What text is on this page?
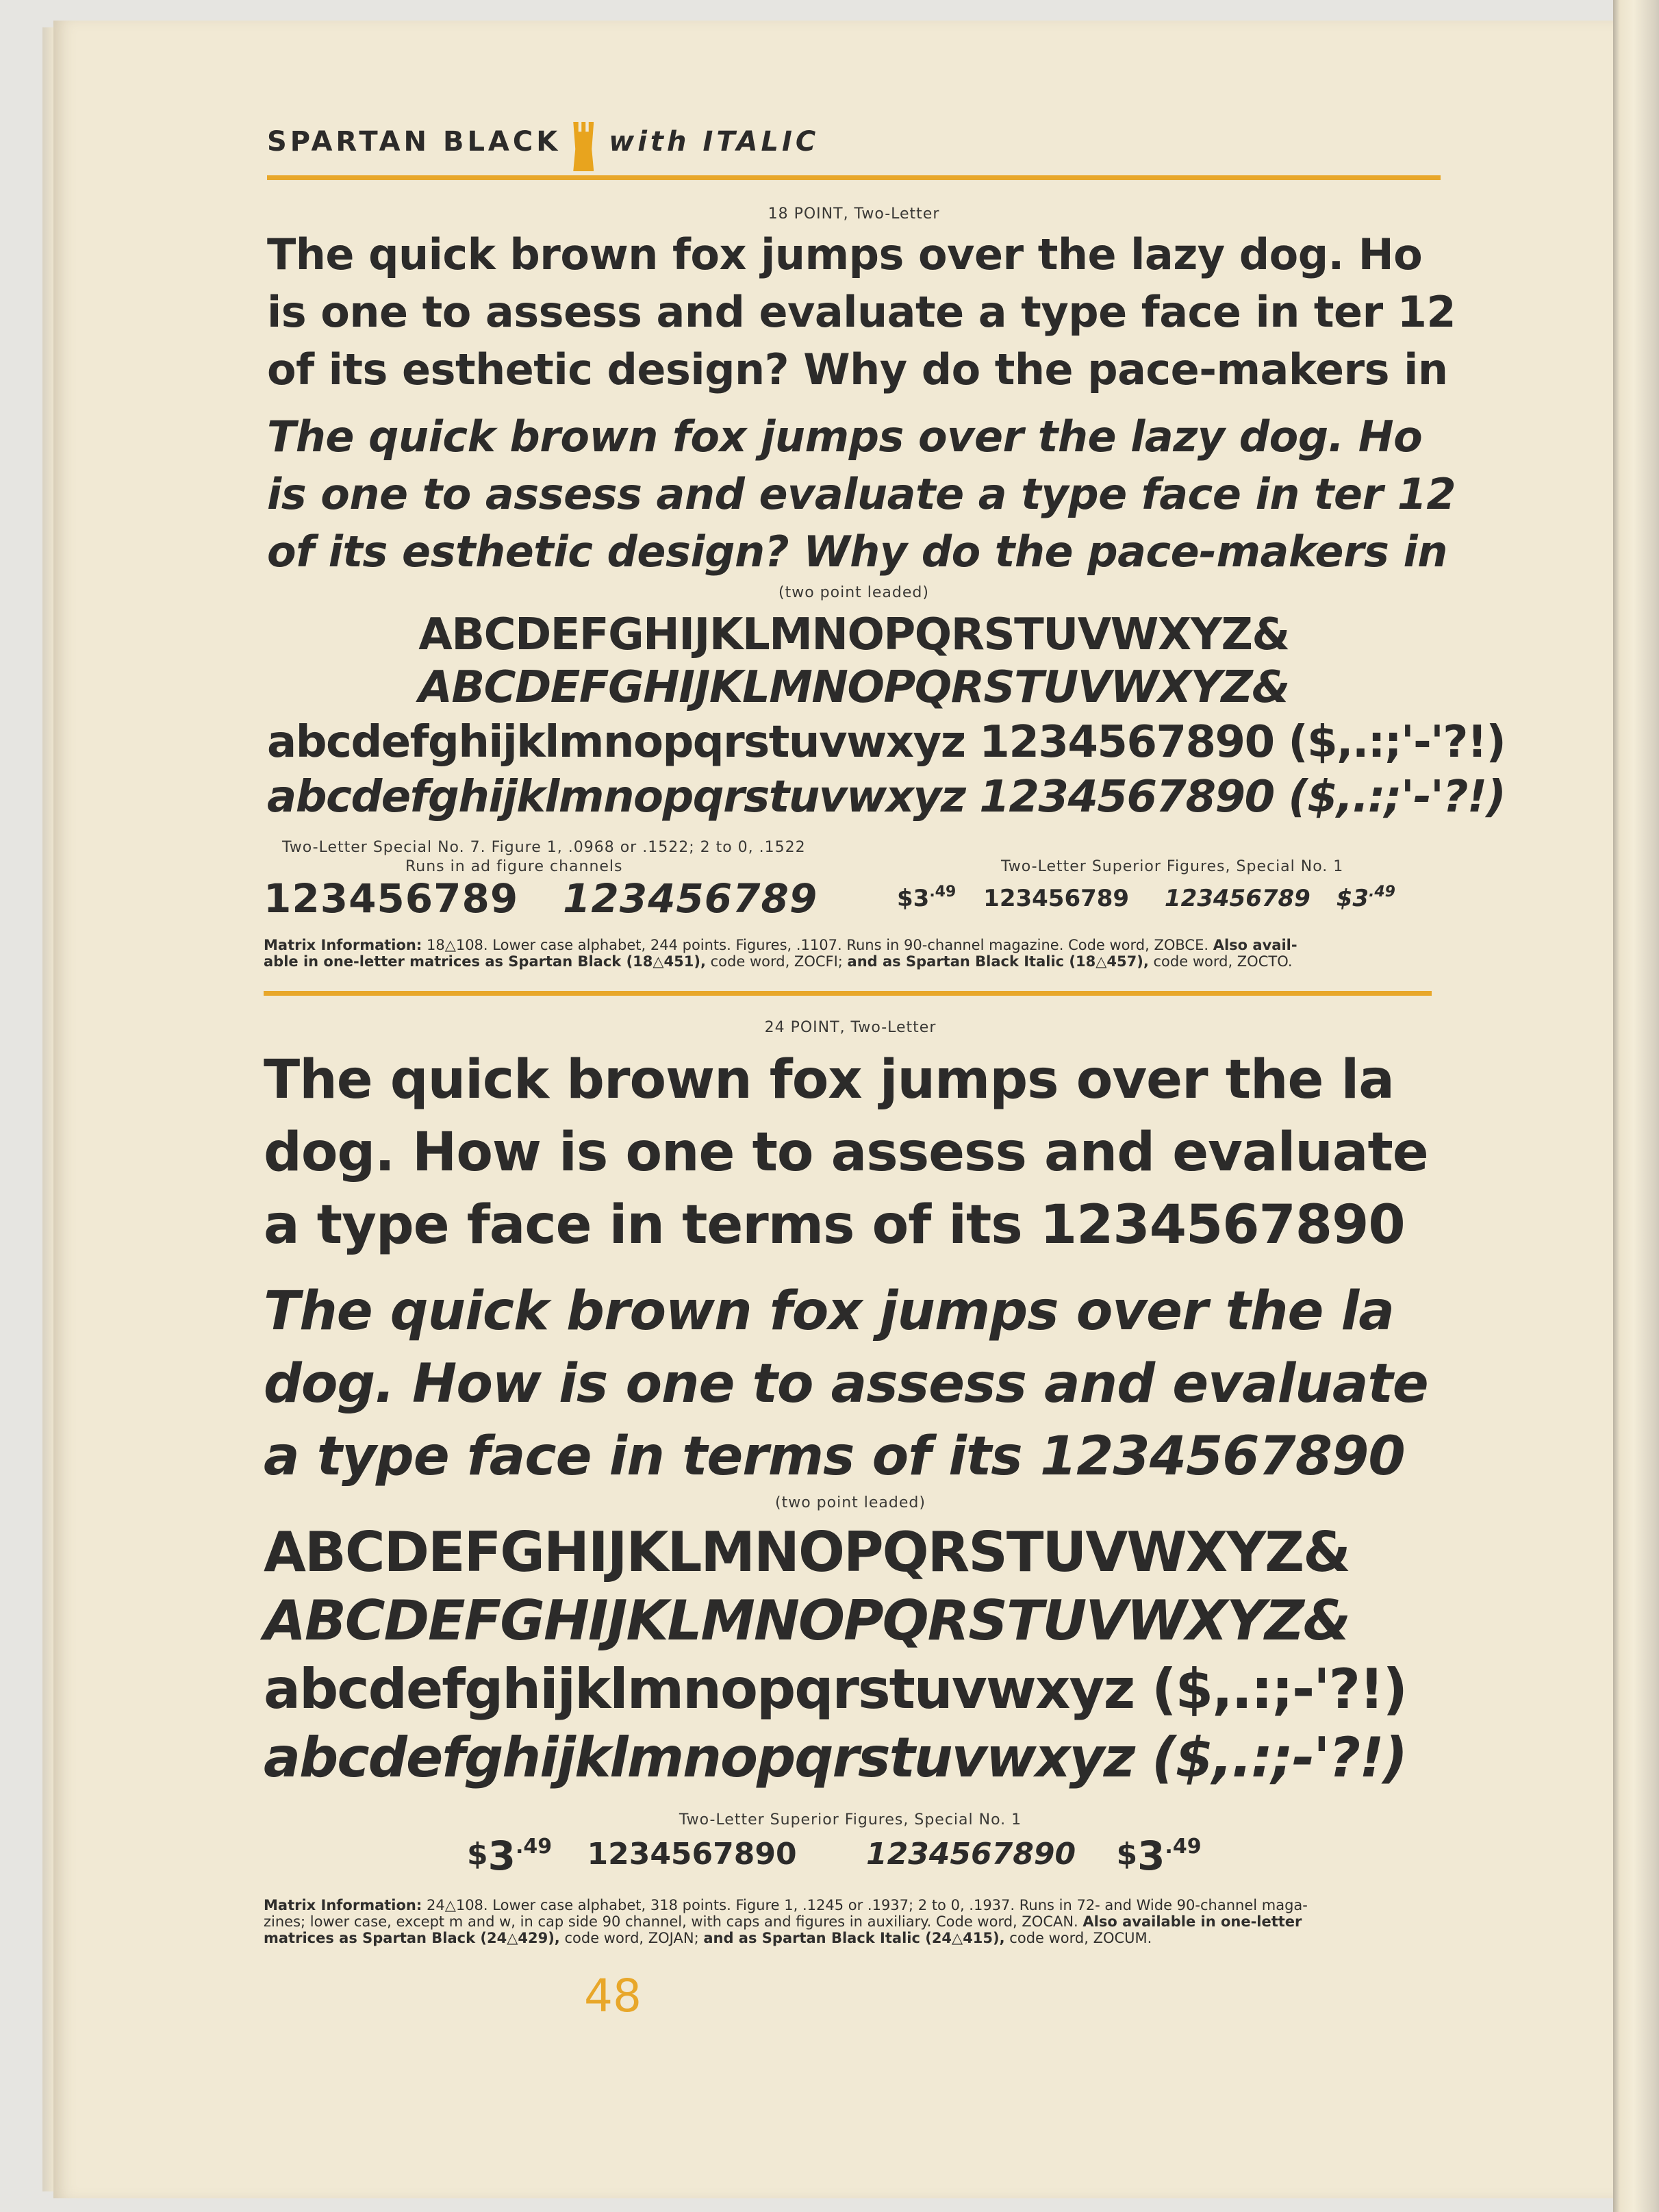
SPARTAN BLACK with ITALIC
18 POINT, Two-Letter
The quick brown fox jumps over the lazy dog. Ho
is one to assess and evaluate a type face in ter 12
of its esthetic design? Why do the pace-makers in
The quick brown fox jumps over the lazy dog. Ho
is one to assess and evaluate a type face in ter 12
of its esthetic design? Why do the pace-makers in
(two point leaded)
ABCDEFGHIJKLMNOPQRSTUVWXYZ&
ABCDEFGHIJKLMNOPQRSTUVWXYZ&
abcdefghijklmnopqrstuvwxyz 1234567890 ($,.:;'-'?!)
abcdefghijklmnopqrstuvwxyz 1234567890 ($,.:;'-'?!)
Two-Letter Special No. 7. Figure 1, .0968 or .1522; 2 to 0, .1522
Runs in ad figure channels	Two-Letter Superior Figures, Special No. 1
123456789 123456789	$\$3^{.49}$ 123456789 123456789 $\$3^{.49}$
Matrix Information: 18△108. Lower case alphabet, 244 points. Figures, .1107. Runs in 90-channel magazine. Code word, ZOBCE. Also avail-
able in one-letter matrices as Spartan Black (18△451), code word, ZOCFI; and as Spartan Black Italic (18△457), code word, ZOCTO.
24 POINT, Two-Letter
The quick brown fox jumps over the la
dog. How is one to assess and evaluate
a type face in terms of its 1234567890
The quick brown fox jumps over the la
dog. How is one to assess and evaluate
a type face in terms of its 1234567890
(two point leaded)
ABCDEFGHIJKLMNOPQRSTUVWXYZ&
ABCDEFGHIJKLMNOPQRSTUVWXYZ&
abcdefghijklmnopqrstuvwxyz ($,.:;-'?!)
abcdefghijklmnopqrstuvwxyz ($,.:;-'?!)
Two-Letter Superior Figures, Special No. 1
$\$3^{.49}$ 1234567890 1234567890 $\$3^{.49}$
Matrix Information: 24△108. Lower case alphabet, 318 points. Figure 1, .1245 or .1937; 2 to 0, .1937. Runs in 72- and Wide 90-channel maga-
zines; lower case, except m and w, in cap side 90 channel, with caps and figures in auxiliary. Code word, ZOCAN. Also available in one-letter
matrices as Spartan Black (24△429), code word, ZOJAN; and as Spartan Black Italic (24△415), code word, ZOCUM.
48
